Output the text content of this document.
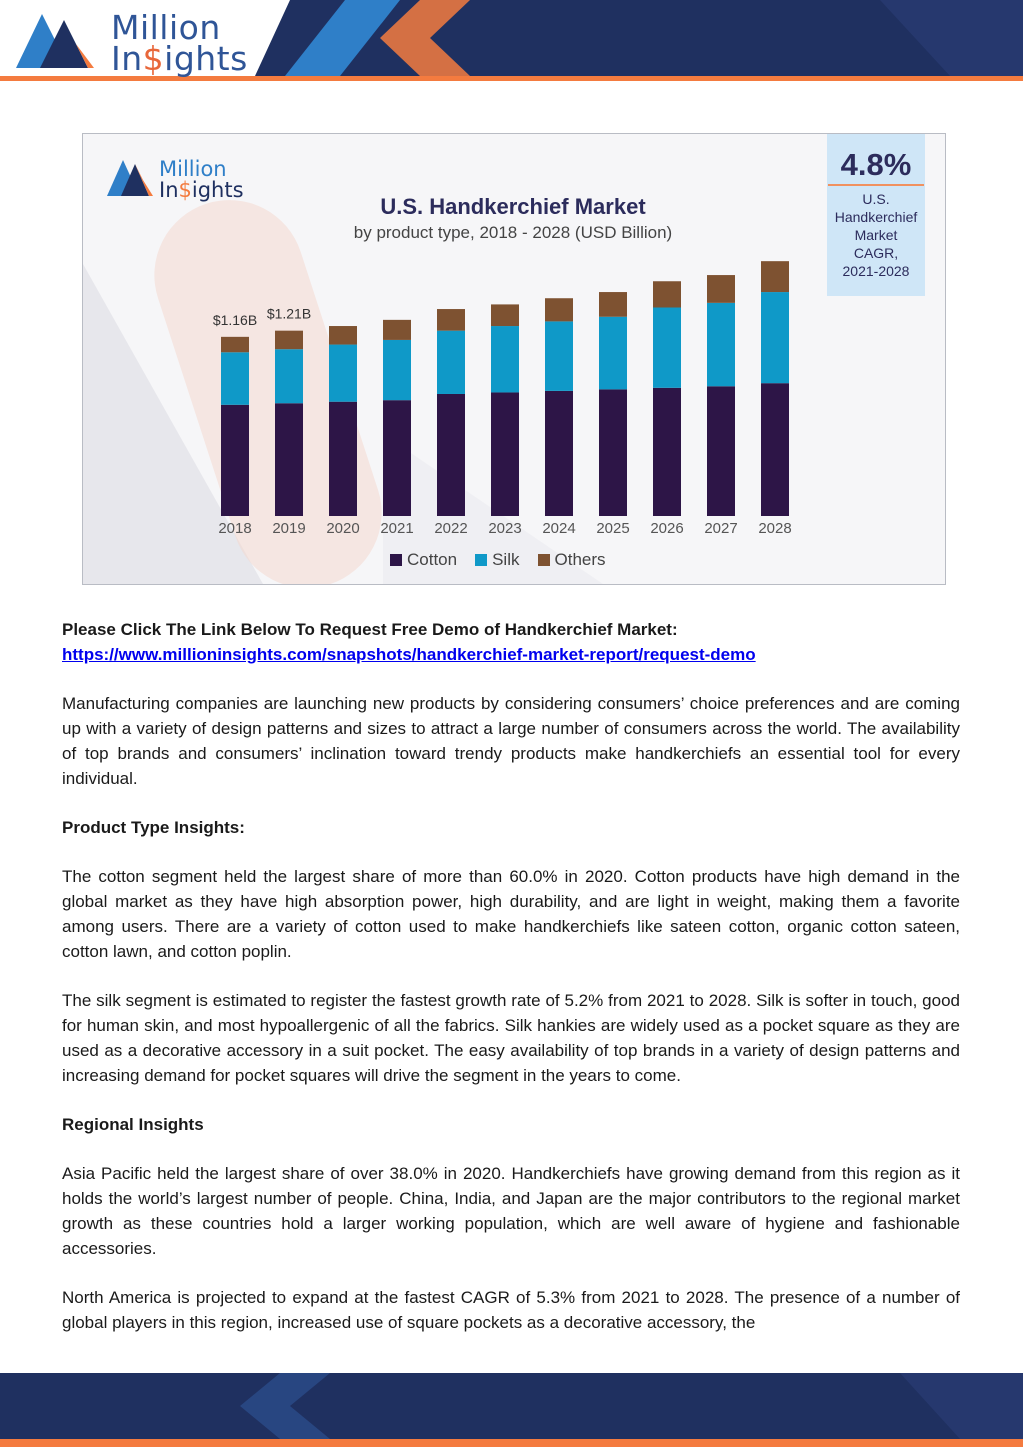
Million
In$ights
Million
In$ights
2018 2019 2020 2021 2022 2023 2024 2025 2026 2027 2028
$1.16B $1.21B
U.S. Handkerchief Market
by product type, 2018 - 2028 (USD Billion)
4.8%
U.S.
Handkerchief
Market
CAGR,
2021-2028
Cotton Silk Others

Please Click The Link Below To Request Free Demo of Handkerchief Market:

https://www.millioninsights.com/snapshots/handkerchief-market-report/request-demo

Manufacturing companies are launching new products by considering consumers’ choice preferences and are coming up with a variety of design patterns and sizes to attract a large number of consumers across the world. The availability of top brands and consumers’ inclination toward trendy products make handkerchiefs an essential tool for every individual.

Product Type Insights:

The cotton segment held the largest share of more than 60.0% in 2020. Cotton products have high demand in the global market as they have high absorption power, high durability, and are light in weight, making them a favorite among users. There are a variety of cotton used to make handkerchiefs like sateen cotton, organic cotton sateen, cotton lawn, and cotton poplin.

The silk segment is estimated to register the fastest growth rate of 5.2% from 2021 to 2028. Silk is softer in touch, good for human skin, and most hypoallergenic of all the fabrics. Silk hankies are widely used as a pocket square as they are used as a decorative accessory in a suit pocket. The easy availability of top brands in a variety of design patterns and increasing demand for pocket squares will drive the segment in the years to come.

Regional Insights

Asia Pacific held the largest share of over 38.0% in 2020. Handkerchiefs have growing demand from this region as it holds the world’s largest number of people. China, India, and Japan are the major contributors to the regional market growth as these countries hold a larger working population, which are well aware of hygiene and fashionable accessories.

North America is projected to expand at the fastest CAGR of 5.3% from 2021 to 2028. The presence of a number of global players in this region, increased use of square pockets as a decorative accessory, the
